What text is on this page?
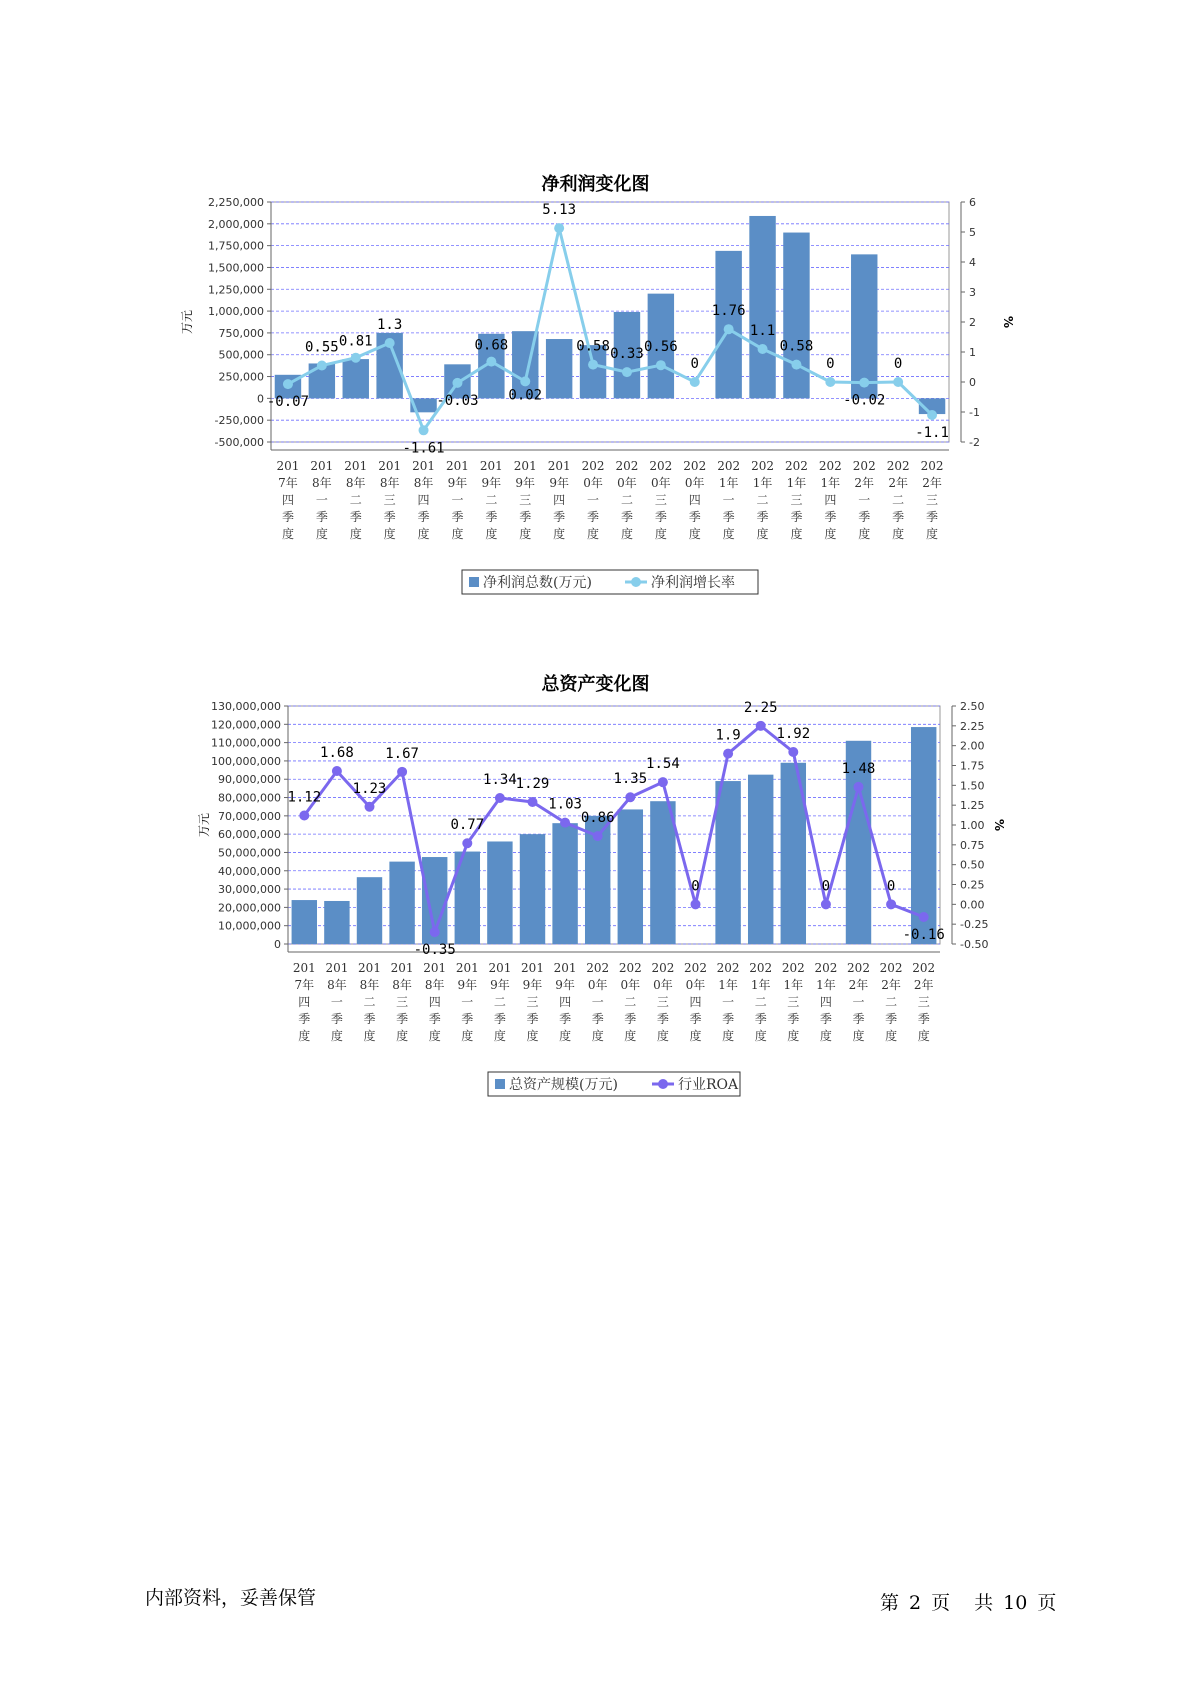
净利润变化图
2,250,000
2,000,000
1,750,000
1,500,000
1,250,000
1,000,000
750,000
500,000
250,000
0
-250,000
-500,000
6
5
4
3
2
1
0
-1
-2
万元	%
-0.07
0.55 0.81
1.3
-1.61
-0.03
0.68
0.02
5.13
0.58 0.33 0.56
0
1.76
1.1
0.58
0
-0.02
0
-1.1
201
7年
四
季
度
201
8年
一
季
度
201
8年
二
季
度
201
8年
三
季
度
201
8年
四
季
度
201
9年
一
季
度
201
9年
二
季
度
201
9年
三
季
度
201
9年
四
季
度
202
0年
一
季
度
202
0年
二
季
度
202
0年
三
季
度
202
0年
四
季
度
202
1年
一
季
度
202
1年
二
季
度
202
1年
三
季
度
202
1年
四
季
度
202
2年
一
季
度
202
2年
二
季
度
202
2年
三
季
度
净利润总数(万元)	净利润增长率
总资产变化图
130,000,000
120,000,000
110,000,000
100,000,000
90,000,000
80,000,000
70,000,000
60,000,000
50,000,000
40,000,000
30,000,000
20,000,000
10,000,000
0
2.50
2.25
2.00
1.75
1.50
1.25
1.00
0.75
0.50
0.25
0.00
-0.25
-0.50
万元	%
1.12
1.68
1.23
1.67
-0.35
0.77
1.34
1.29
1.03
0.86
1.35
1.54
0
1.9
2.25
1.92
0
1.48
0
-0.16
201
7年
四
季
度
201
8年
一
季
度
201
8年
二
季
度
201
8年
三
季
度
201
8年
四
季
度
201
9年
一
季
度
201
9年
二
季
度
201
9年
三
季
度
201
9年
四
季
度
202
0年
一
季
度
202
0年
二
季
度
202
0年
三
季
度
202
0年
四
季
度
202
1年
一
季
度
202
1年
二
季
度
202
1年
三
季
度
202
1年
四
季
度
202
2年
一
季
度
202
2年
二
季
度
202
2年
三
季
度
总资产规模(万元)	行业ROA
内部资料，妥善保管	第 2 页 共 10 页
